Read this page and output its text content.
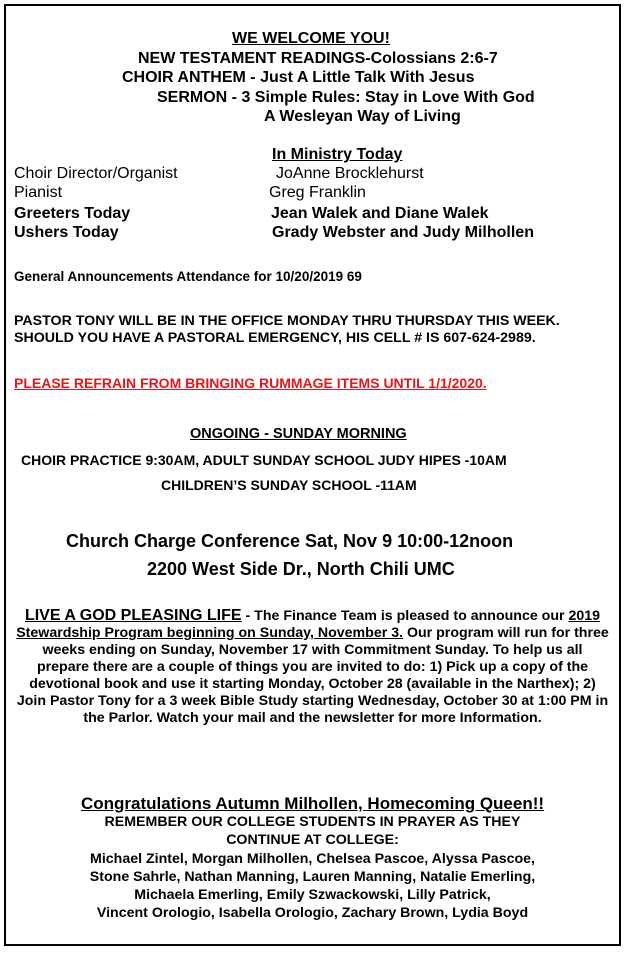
WE WELCOME YOU!
NEW TESTAMENT READINGS-Colossians 2:6-7
CHOIR ANTHEM - Just A Little Talk With Jesus
SERMON - 3 Simple Rules: Stay in Love With God
A Wesleyan Way of Living
In Ministry Today
Choir Director/Organist	JoAnne Brocklehurst
Pianist	Greg Franklin
Greeters Today	Jean Walek and Diane Walek
Ushers Today	Grady Webster and Judy Milhollen
General Announcements Attendance for 10/20/2019 69

PASTOR TONY WILL BE IN THE OFFICE MONDAY THRU THURSDAY THIS WEEK. SHOULD YOU HAVE A PASTORAL EMERGENCY, HIS CELL # IS 607-624-2989.

PLEASE REFRAIN FROM BRINGING RUMMAGE ITEMS UNTIL 1/1/2020.
ONGOING - SUNDAY MORNING
CHOIR PRACTICE 9:30AM, ADULT SUNDAY SCHOOL JUDY HIPES -10AM
CHILDREN’S SUNDAY SCHOOL -11AM
Church Charge Conference Sat, Nov 9 10:00-12noon
2200 West Side Dr., North Chili UMC

LIVE A GOD PLEASING LIFE - The Finance Team is pleased to announce our 2019 Stewardship Program beginning on Sunday, November 3. Our program will run for three weeks ending on Sunday, November 17 with Commitment Sunday. To help us all prepare there are a couple of things you are invited to do: 1) Pick up a copy of the devotional book and use it starting Monday, October 28 (available in the Narthex); 2) Join Pastor Tony for a 3 week Bible Study starting Wednesday, October 30 at 1:00 PM in the Parlor. Watch your mail and the newsletter for more Information.

Congratulations Autumn Milhollen, Homecoming Queen!!
REMEMBER OUR COLLEGE STUDENTS IN PRAYER AS THEY
CONTINUE AT COLLEGE:
Michael Zintel, Morgan Milhollen, Chelsea Pascoe, Alyssa Pascoe,
Stone Sahrle, Nathan Manning, Lauren Manning, Natalie Emerling,
Michaela Emerling, Emily Szwackowski, Lilly Patrick,
Vincent Orologio, Isabella Orologio, Zachary Brown, Lydia Boyd
